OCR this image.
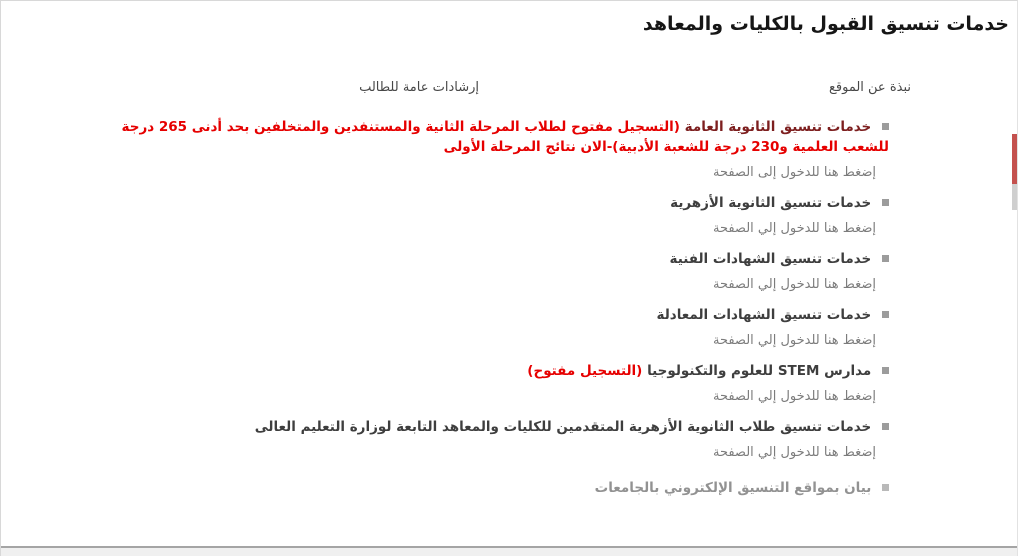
خدمات تنسيق القبول بالكليات والمعاهد
نبذة عن الموقع
إرشادات عامة للطالب
خدمات تنسيق الثانوية العامة (التسجيل مفتوح لطلاب المرحلة الثانية والمستنفدين والمتخلفين بحد أدنى 265 درجة للشعب العلمية و230 درجة للشعبة الأدبية)-الان نتائج المرحلة الأولى
إضغط هنا للدخول إلى الصفحة
خدمات تنسيق الثانوية الأزهرية
إضغط هنا للدخول إلي الصفحة
خدمات تنسيق الشهادات الفنية
إضغط هنا للدخول إلي الصفحة
خدمات تنسيق الشهادات المعادلة
إضغط هنا للدخول إلي الصفحة
مدارس STEM للعلوم والتكنولوجيا (التسجيل مفتوح)
إضغط هنا للدخول إلي الصفحة
خدمات تنسيق طلاب الثانوية الأزهرية المتقدمين للكليات والمعاهد التابعة لوزارة التعليم العالى
إضغط هنا للدخول إلي الصفحة
بيان بمواقع التنسيق الإلكتروني بالجامعات
